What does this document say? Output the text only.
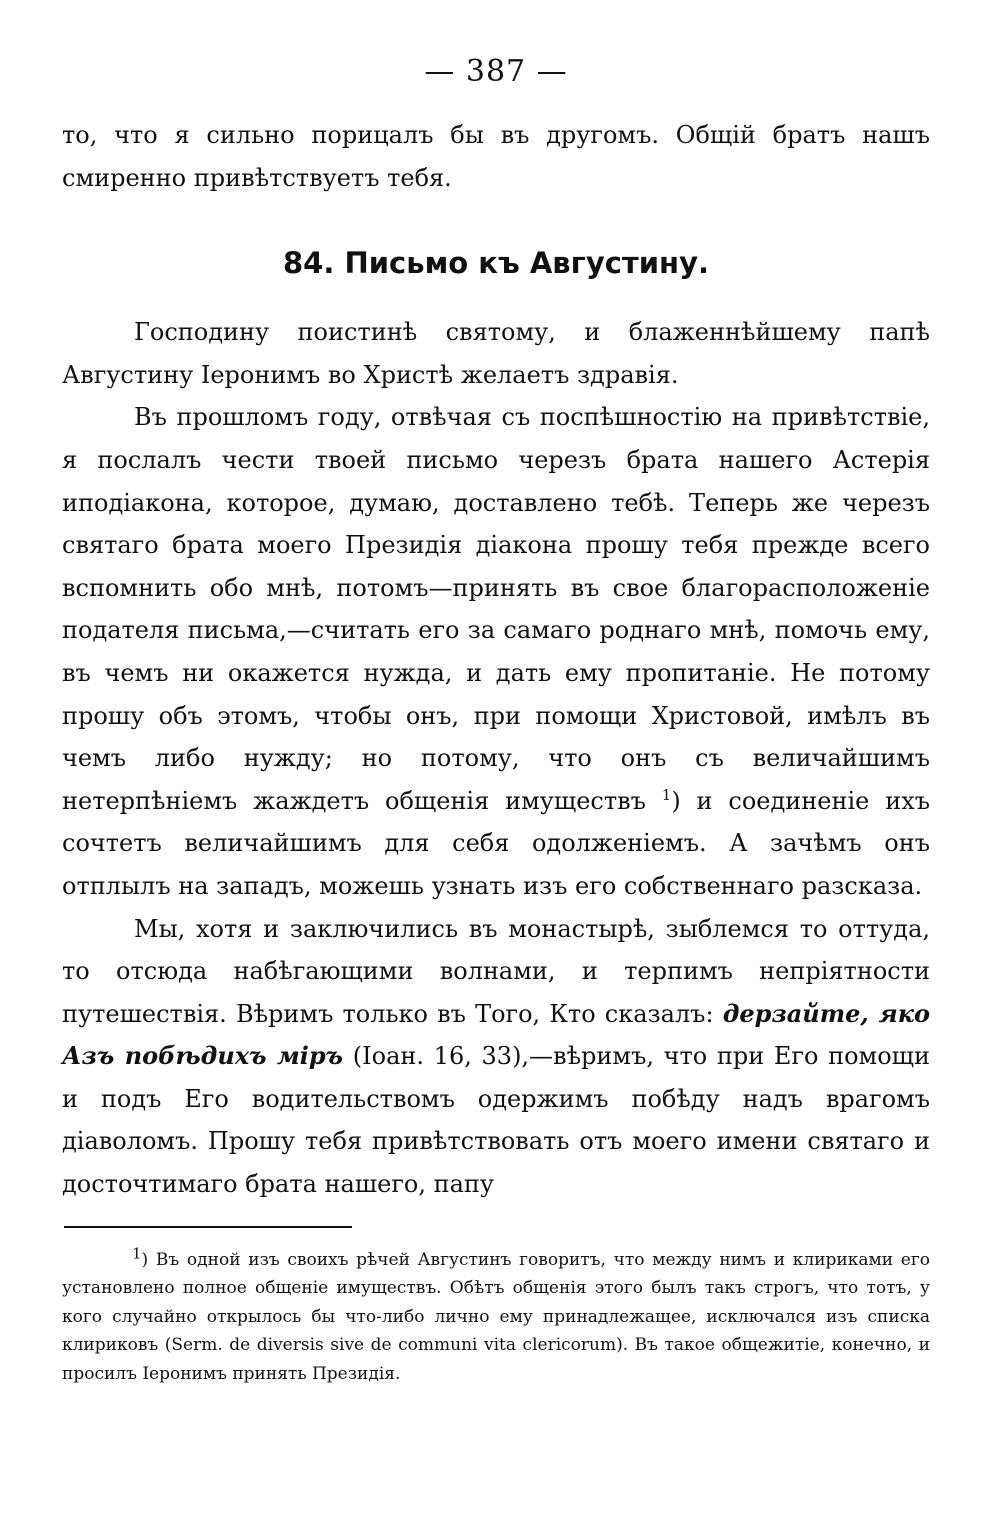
— 387 —

то, что я сильно порицалъ бы въ другомъ. Общій братъ нашъ смиренно привѣтствуетъ тебя.

84. Письмо къ Августину.

Господину поистинѣ святому, и блаженнѣйшему папѣ Августину Іеронимъ во Христѣ желаетъ здравія.

Въ прошломъ году, отвѣчая съ поспѣшностію на привѣтствіе, я послалъ чести твоей письмо черезъ брата нашего Астерія иподіакона, которое, думаю, доставлено тебѣ. Теперь же черезъ святаго брата моего Президія діакона прошу тебя прежде всего вспомнить обо мнѣ, потомъ—принять въ свое благорасположеніе подателя письма,—считать его за самаго роднаго мнѣ, помочь ему, въ чемъ ни окажется нужда, и дать ему пропитаніе. Не потому прошу объ этомъ, чтобы онъ, при помощи Христовой, имѣлъ въ чемъ либо нужду; но потому, что онъ съ величайшимъ нетерпѣніемъ жаждетъ общенія имуществъ $^1$) и соединеніе ихъ сочтетъ величайшимъ для себя одолженіемъ. А зачѣмъ онъ отплылъ на западъ, можешь узнать изъ его собственнаго разсказа.

Мы, хотя и заключились въ монастырѣ, зыблемся то оттуда, то отсюда набѣгающими волнами, и терпимъ непріятности путешествія. Вѣримъ только въ Того, Кто сказалъ: дерзайте, яко Азъ побѣдихъ міръ (Іоан. 16, 33),—вѣримъ, что при Его помощи и подъ Его водительствомъ одержимъ побѣду надъ врагомъ діаволомъ. Прошу тебя привѣтствовать отъ моего имени святаго и досточтимаго брата нашего, папу

1) Въ одной изъ своихъ рѣчей Августинъ говоритъ, что между нимъ и клириками его установлено полное общеніе имуществъ. Обѣтъ общенія этого былъ такъ строгъ, что тотъ, у кого случайно открылось бы что-либо лично ему принадлежащее, исключался изъ списка клириковъ (Serm. de diversis sive de communi vita clericorum). Въ такое общежитіе, конечно, и просилъ Іеронимъ принять Президія.
